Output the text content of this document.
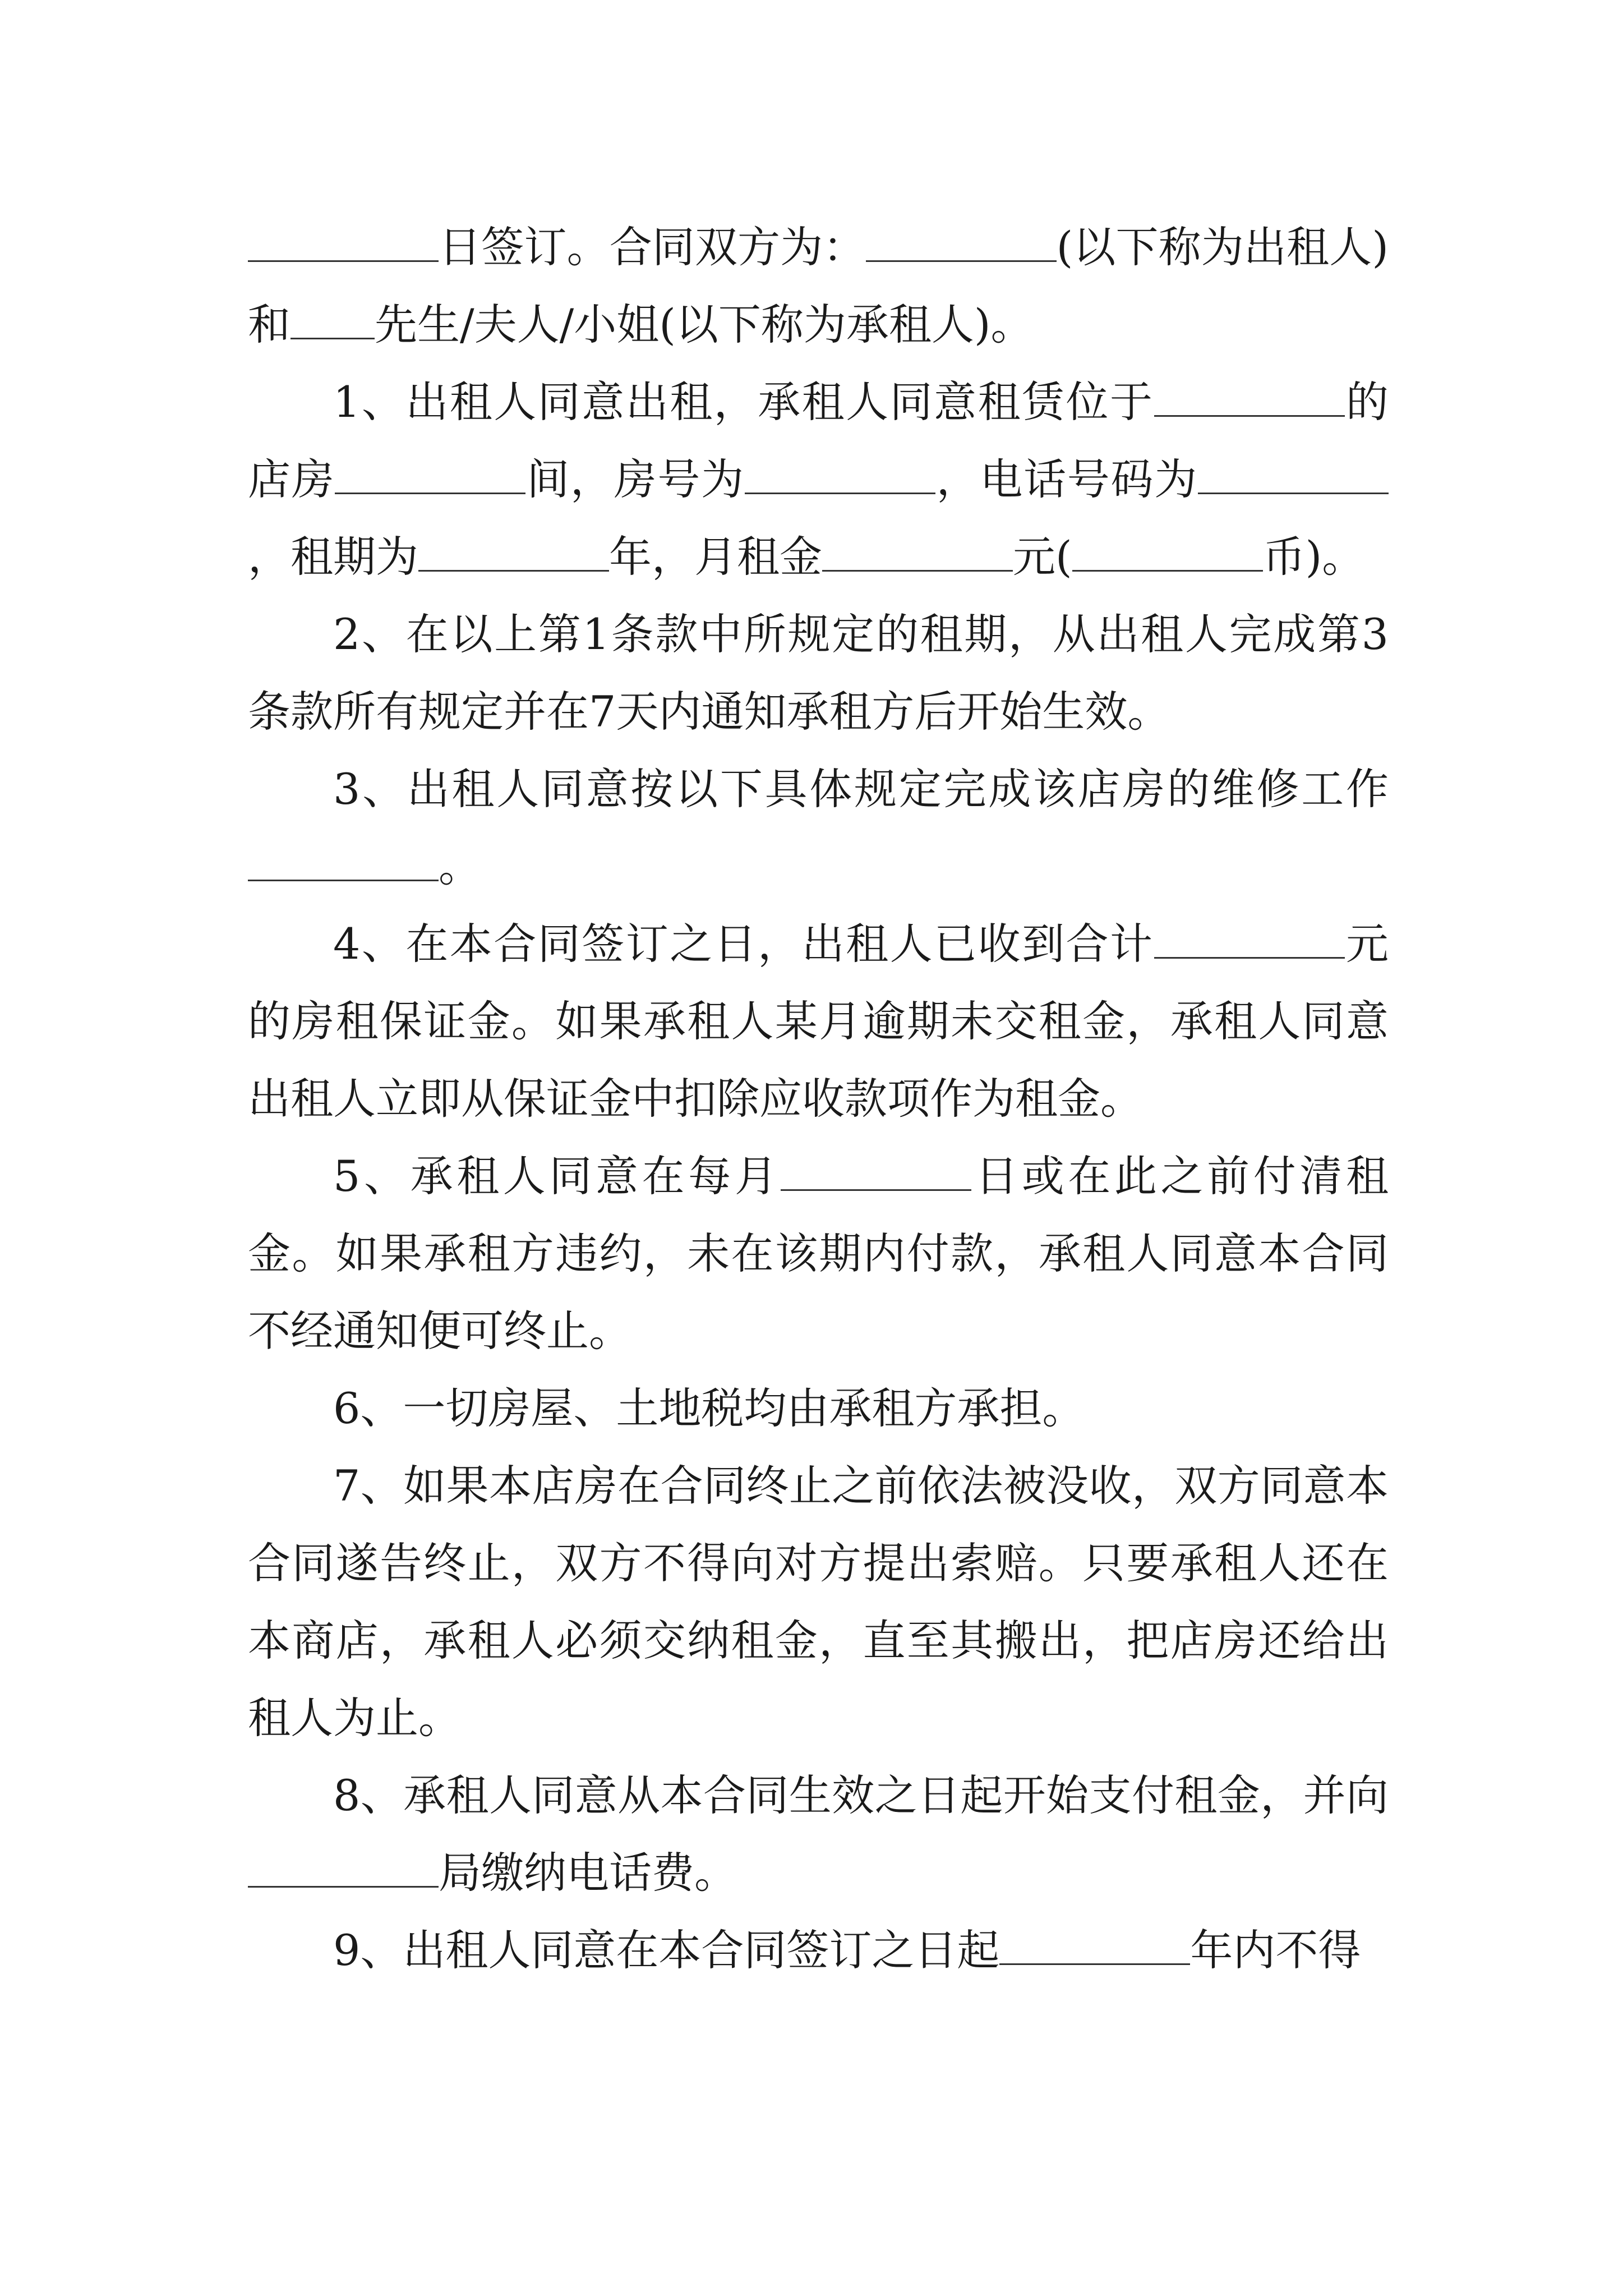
日签订。合同双方为：	(以下称为出租人)和 先生/夫人/小姐(以下称为承租人)。

1、出租人同意出租，承租人同意租赁位于	的店房	间，房号为	，电话号码为，租期为	年，月租金	元(	币)。

2、在以上第1条款中所规定的租期，从出租人完成第3条款所有规定并在7天内通知承租方后开始生效。

3、出租人同意按以下具体规定完成该店房的维修工作。

4、在本合同签订之日，出租人已收到合计	元的房租保证金。如果承租人某月逾期未交租金，承租人同意出租人立即从保证金中扣除应收款项作为租金。

5、承租人同意在每月	日或在此之前付清租金。如果承租方违约，未在该期内付款，承租人同意本合同不经通知便可终止。

6、一切房屋、土地税均由承租方承担。

7、如果本店房在合同终止之前依法被没收，双方同意本合同遂告终止，双方不得向对方提出索赔。只要承租人还在本商店，承租人必须交纳租金，直至其搬出，把店房还给出租人为止。

8、承租人同意从本合同生效之日起开始支付租金，并向局缴纳电话费。

9、出租人同意在本合同签订之日起	年内不得
